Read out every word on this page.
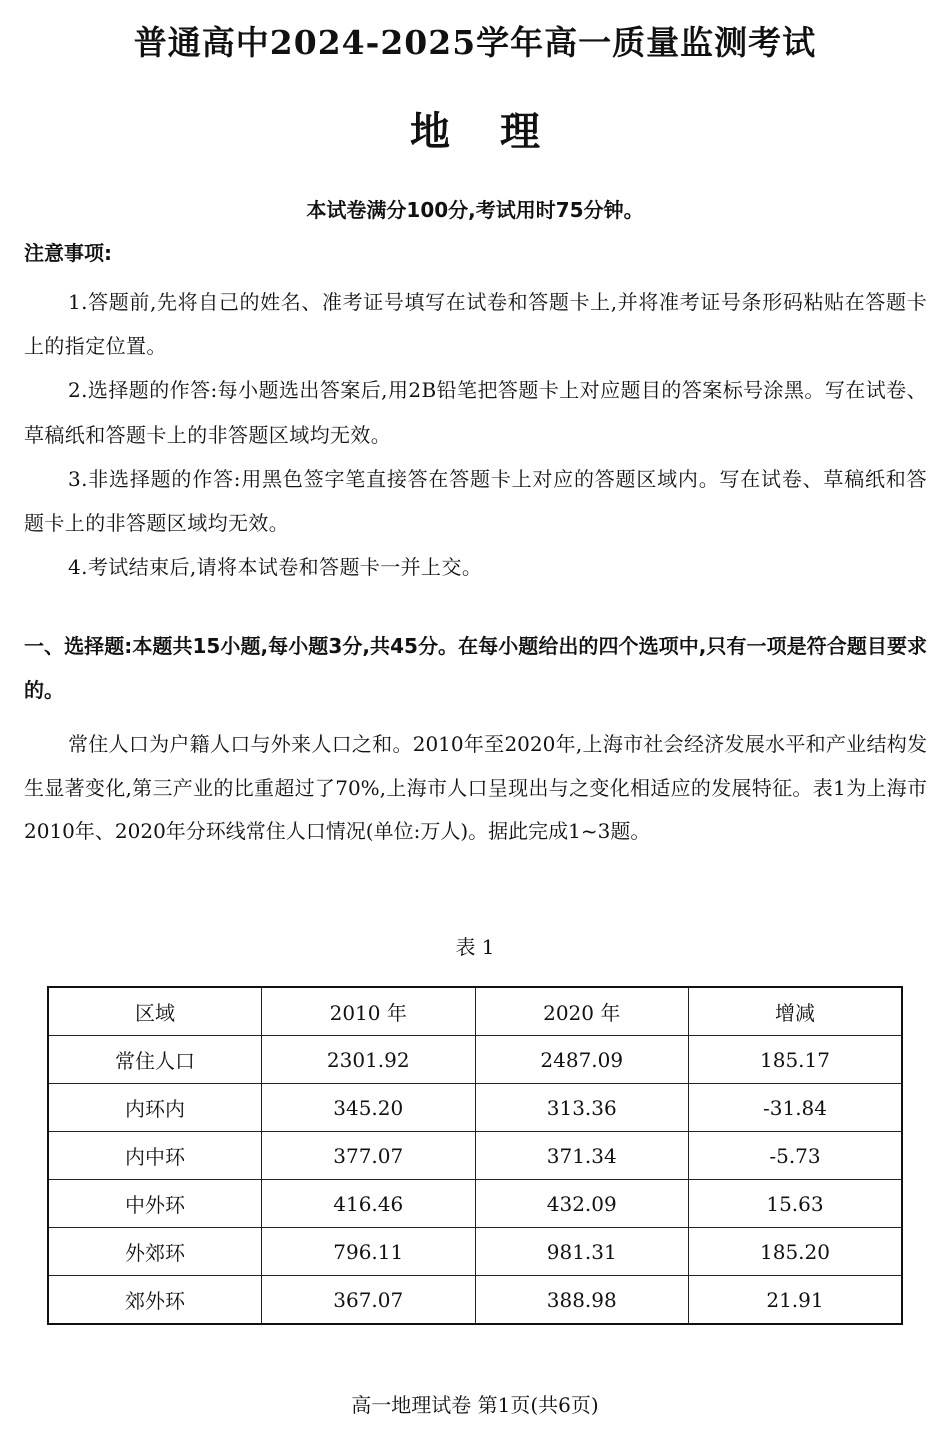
普通高中2024-2025学年高一质量监测考试
地理
本试卷满分100分,考试用时75分钟。
注意事项:

1.答题前,先将自己的姓名、准考证号填写在试卷和答题卡上,并将准考证号条形码粘贴在答题卡上的指定位置。

2.选择题的作答:每小题选出答案后,用2B铅笔把答题卡上对应题目的答案标号涂黑。写在试卷、草稿纸和答题卡上的非答题区域均无效。

3.非选择题的作答:用黑色签字笔直接答在答题卡上对应的答题区域内。写在试卷、草稿纸和答题卡上的非答题区域均无效。

4.考试结束后,请将本试卷和答题卡一并上交。

一、选择题:本题共15小题,每小题3分,共45分。在每小题给出的四个选项中,只有一项是符合题目要求的。

常住人口为户籍人口与外来人口之和。2010年至2020年,上海市社会经济发展水平和产业结构发生显著变化,第三产业的比重超过了70%,上海市人口呈现出与之变化相适应的发展特征。表1为上海市2010年、2020年分环线常住人口情况(单位:万人)。据此完成1~3题。

表 1
区域	2010 年	2020 年	增减
常住人口	2301.92	2487.09	185.17
内环内	345.20	313.36	-31.84
内中环	377.07	371.34	-5.73
中外环	416.46	432.09	15.63
外郊环	796.11	981.31	185.20
郊外环	367.07	388.98	21.91
高一地理试卷 第1页(共6页)
